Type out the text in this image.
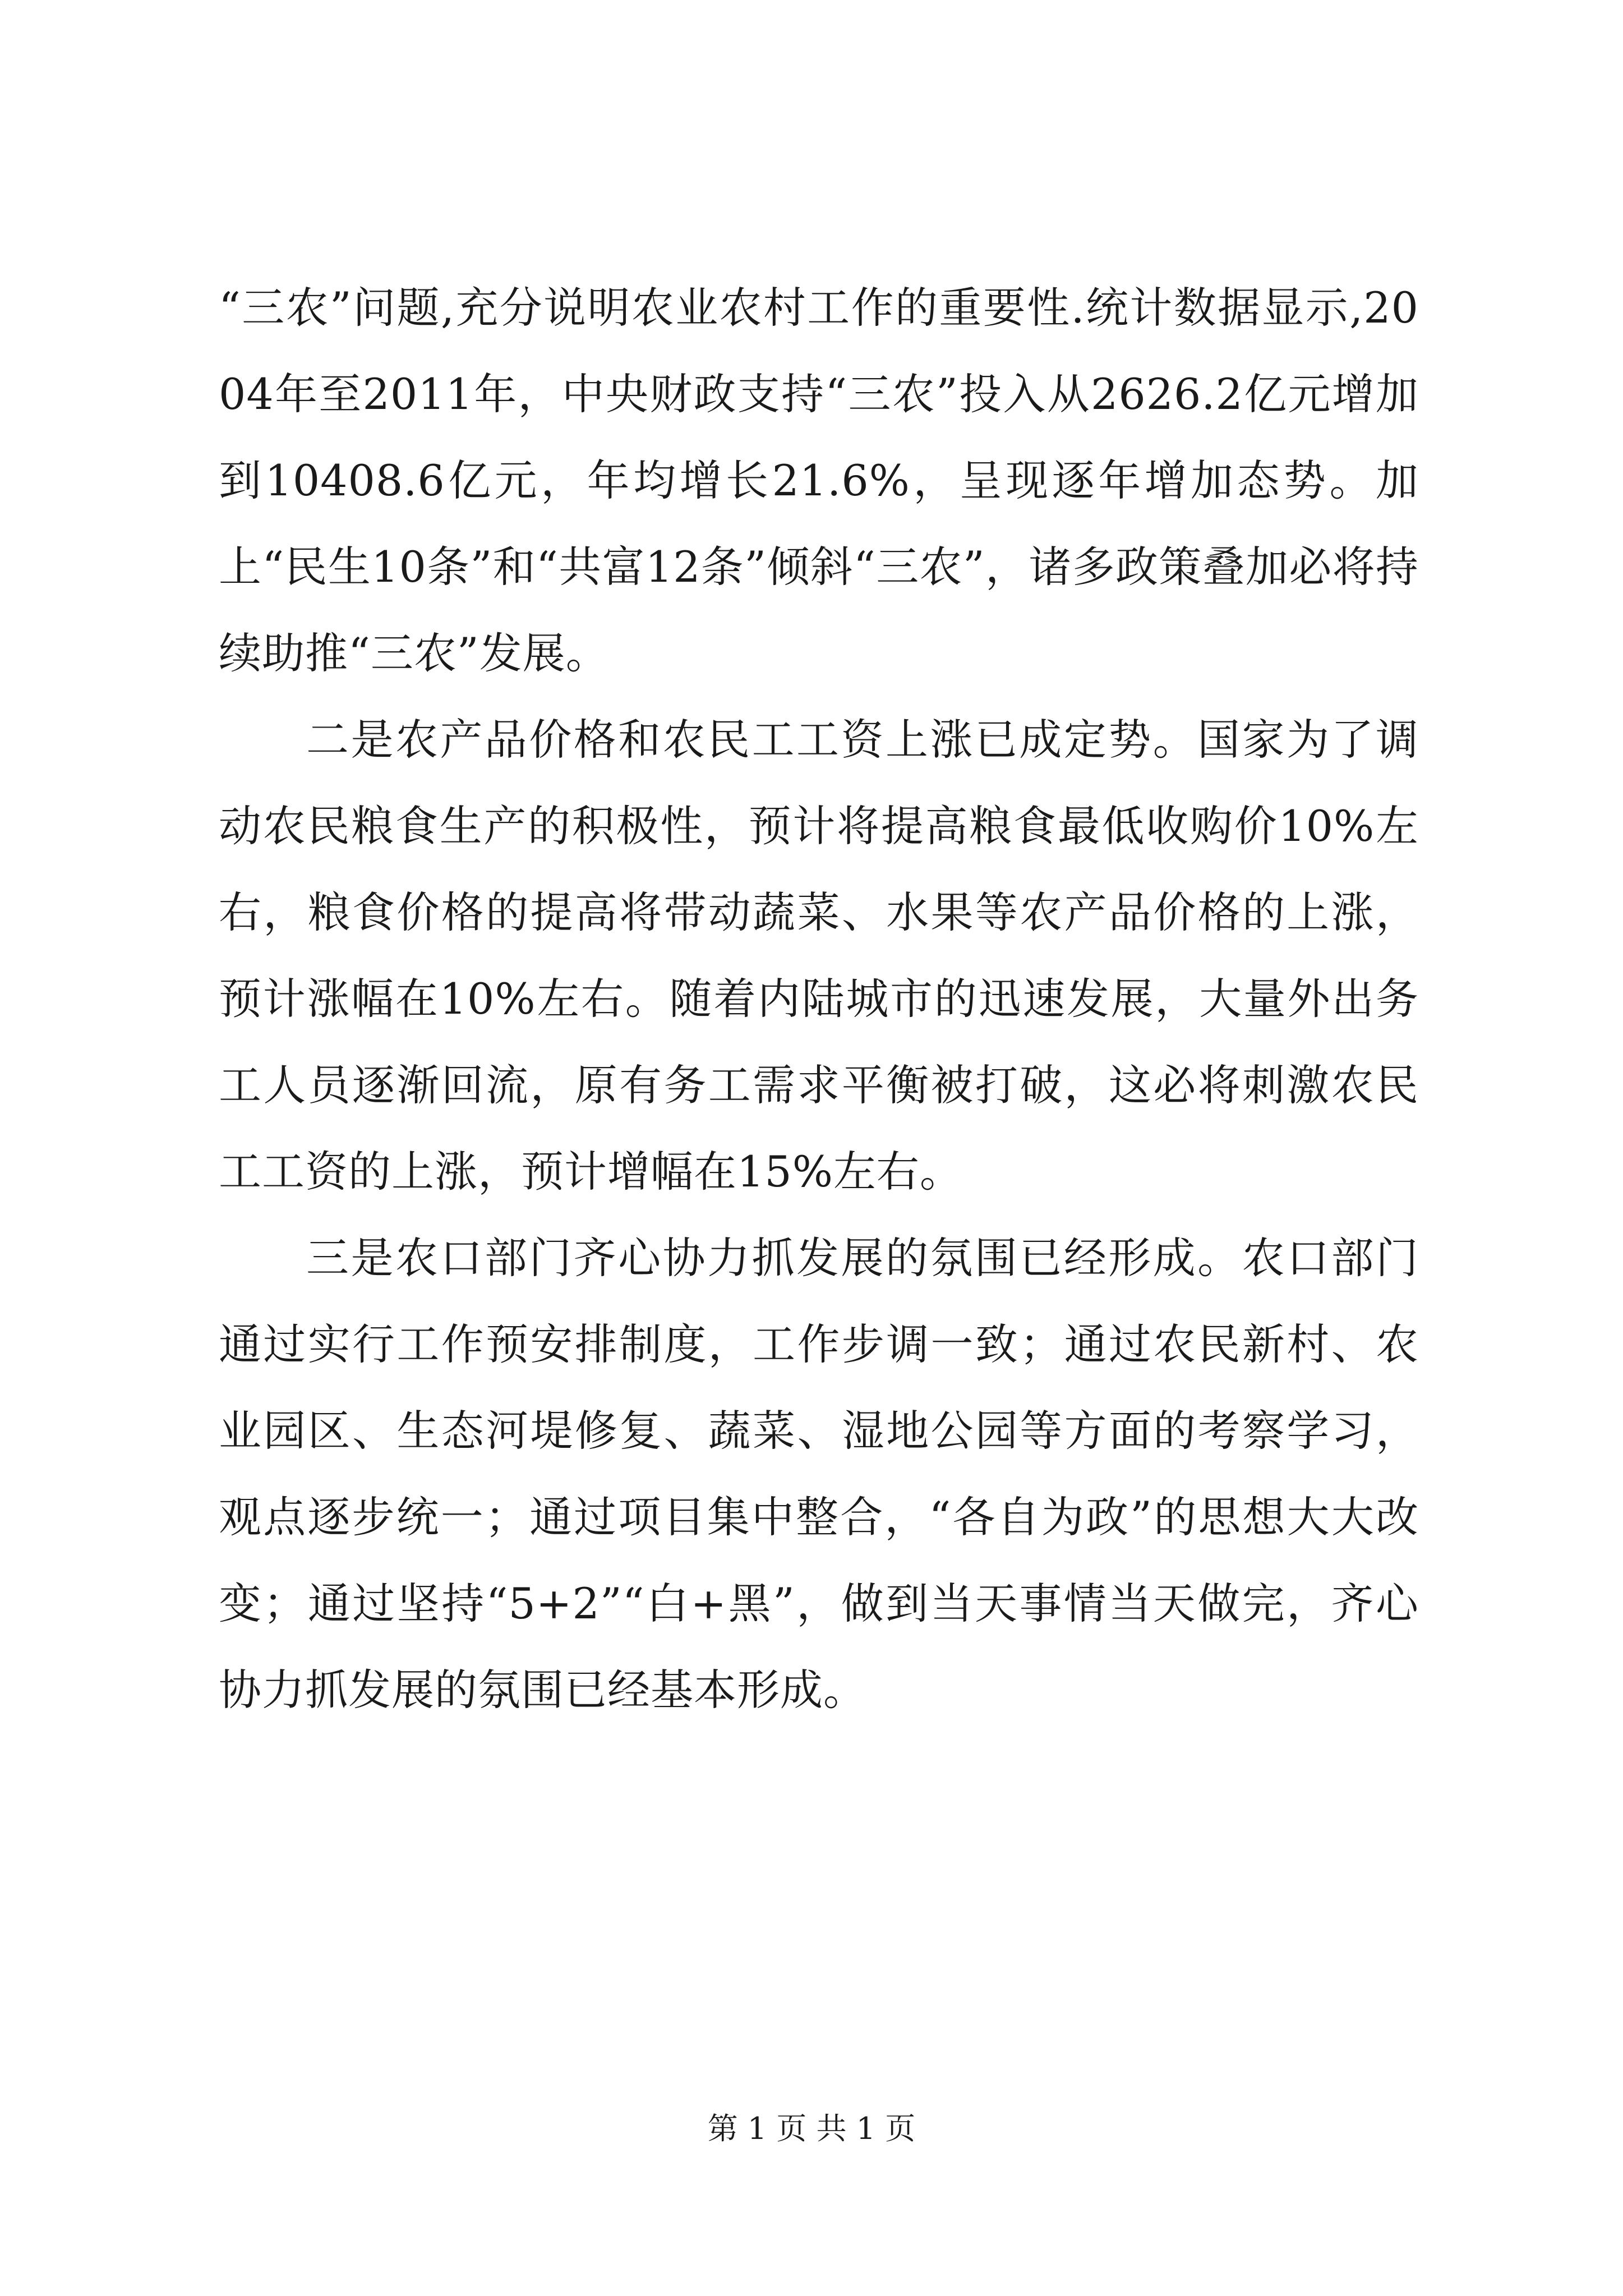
“三农”问题,充分说明农业农村工作的重要性.统计数据显示,2004年至2011年，中央财政支持“三农”投入从2626.2亿元增加到10408.6亿元，年均增长21.6%，呈现逐年增加态势。加上“民生10条”和“共富12条”倾斜“三农”，诸多政策叠加必将持续助推“三农”发展。

二是农产品价格和农民工工资上涨已成定势。国家为了调动农民粮食生产的积极性，预计将提高粮食最低收购价10%左右，粮食价格的提高将带动蔬菜、水果等农产品价格的上涨，预计涨幅在10%左右。随着内陆城市的迅速发展，大量外出务工人员逐渐回流，原有务工需求平衡被打破，这必将刺激农民工工资的上涨，预计增幅在15%左右。

三是农口部门齐心协力抓发展的氛围已经形成。农口部门通过实行工作预安排制度，工作步调一致；通过农民新村、农业园区、生态河堤修复、蔬菜、湿地公园等方面的考察学习，观点逐步统一；通过项目集中整合，“各自为政”的思想大大改变；通过坚持“5+2”“白+黑”，做到当天事情当天做完，齐心协力抓发展的氛围已经基本形成。

第 1 页 共 1 页
